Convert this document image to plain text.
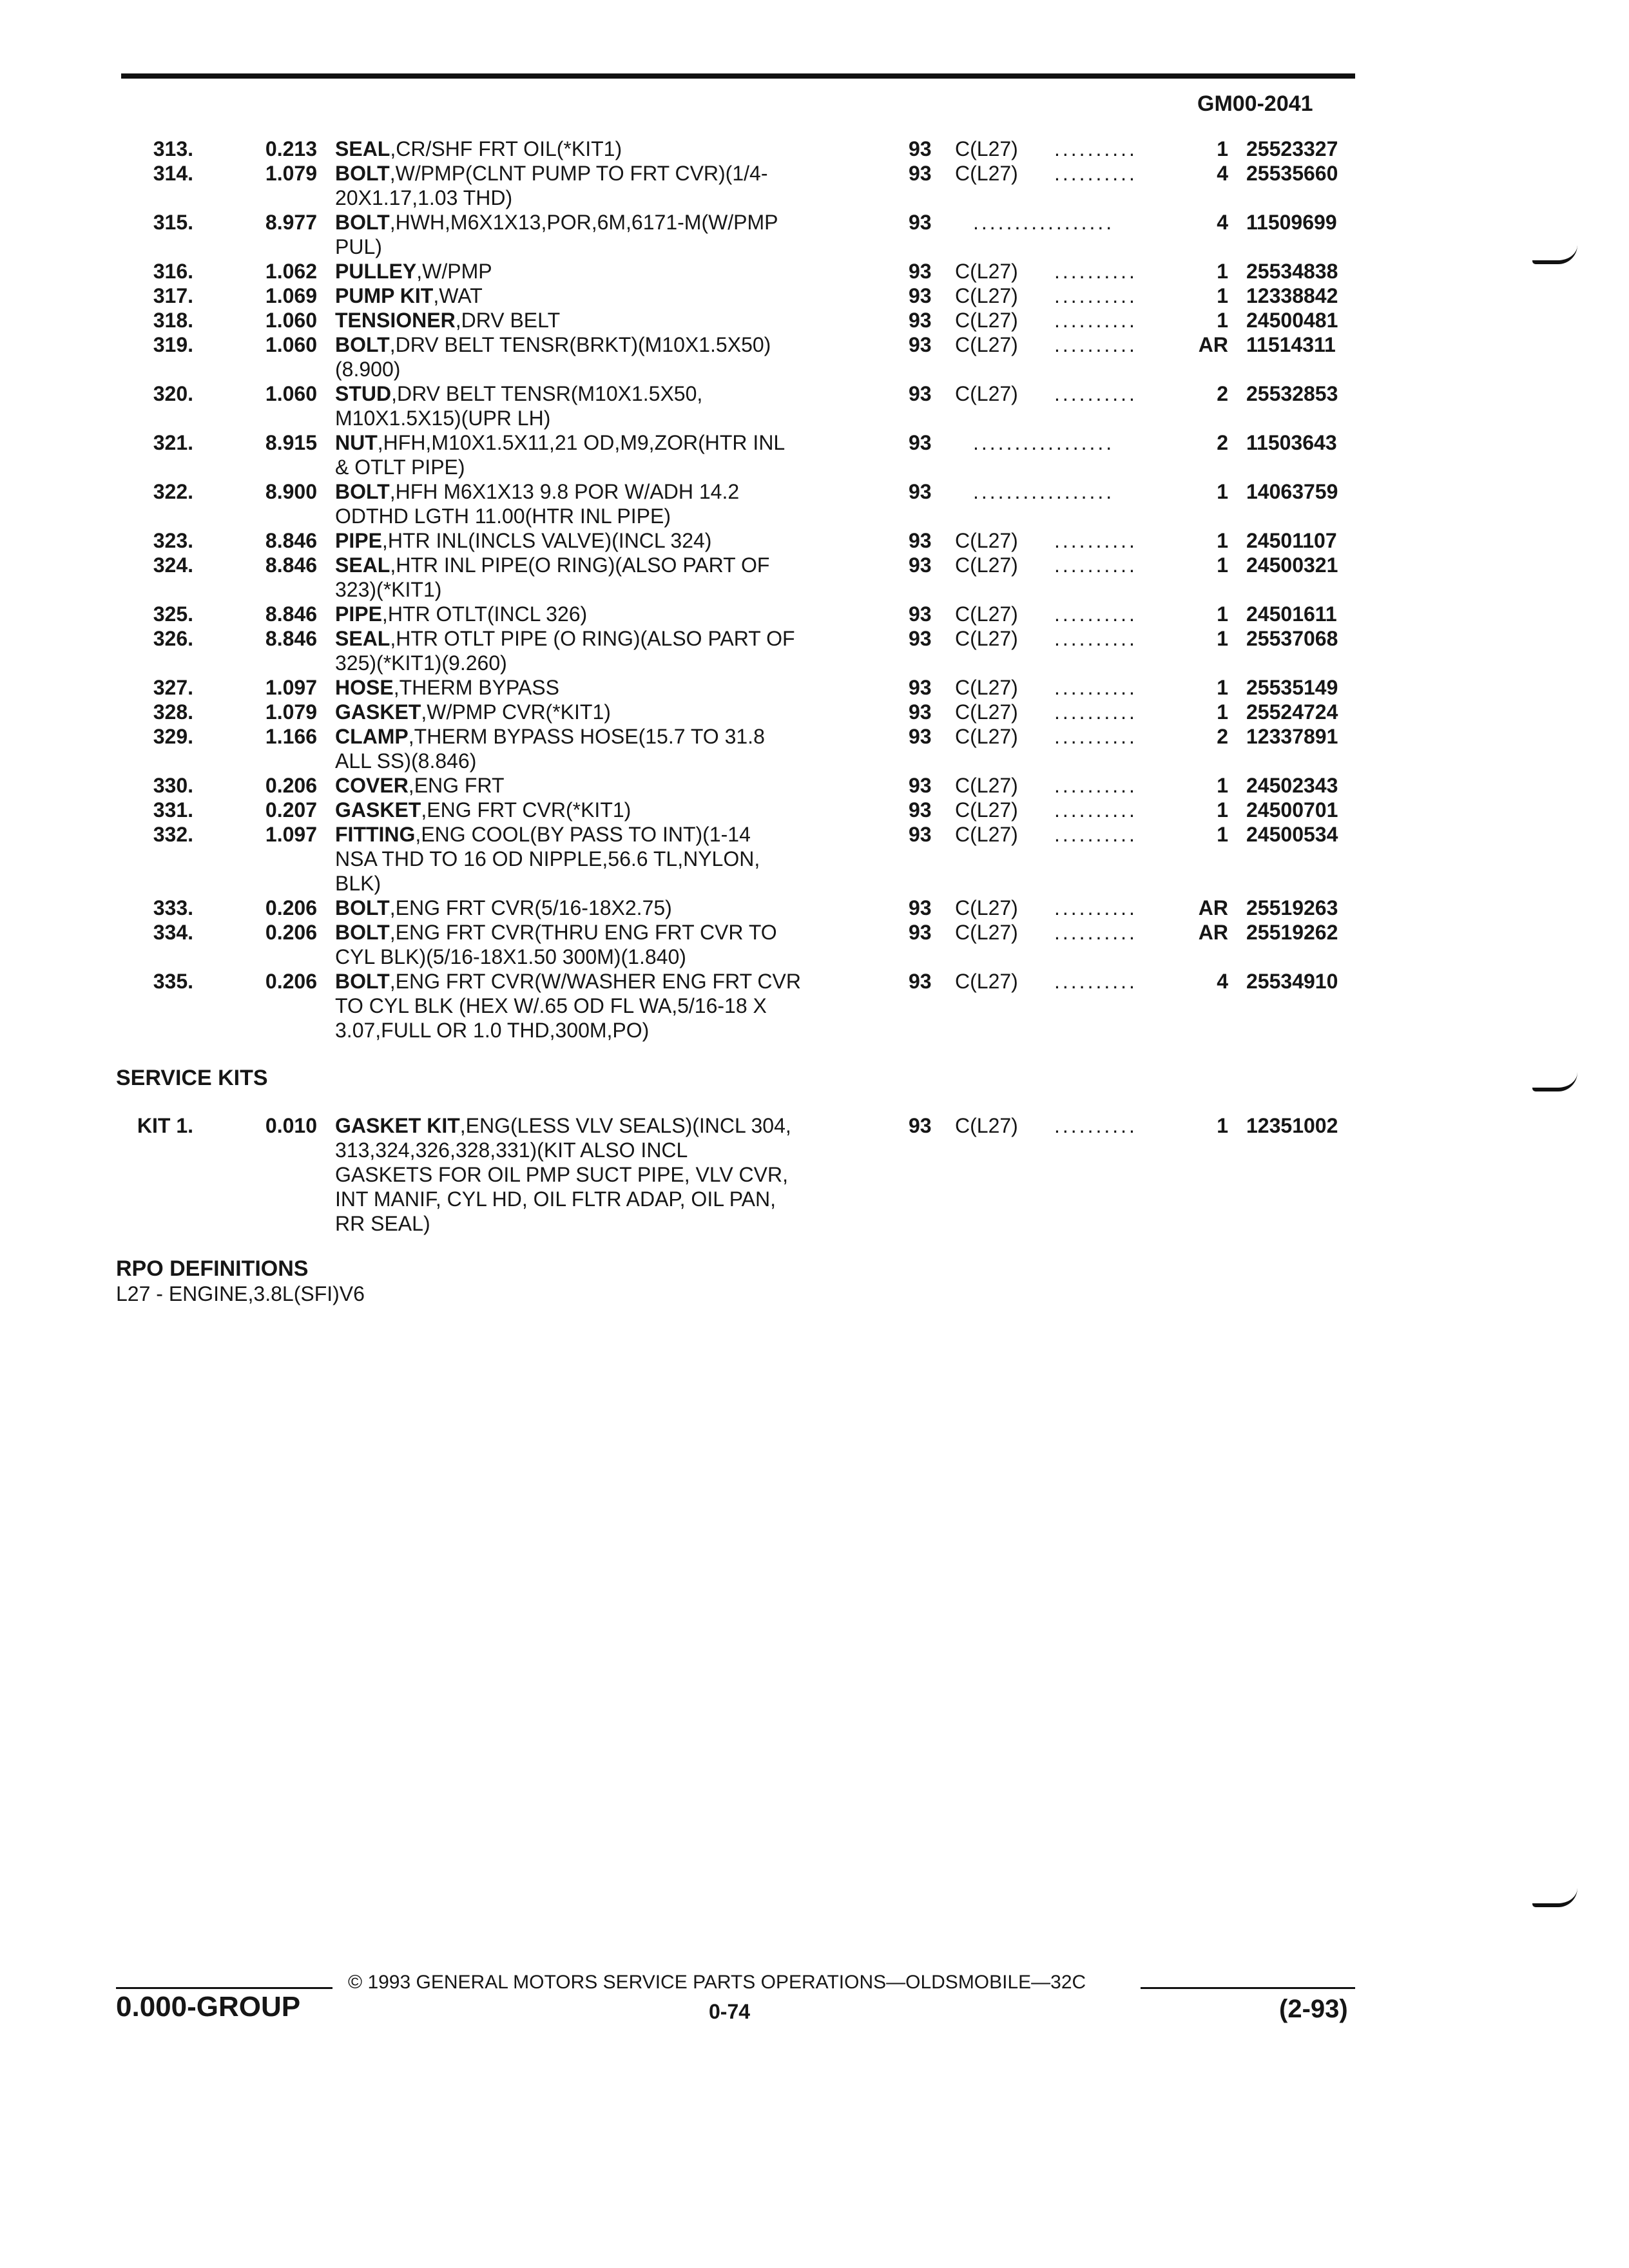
GM00-2041
313.	0.213 SEAL,CR/SHF FRT OIL(*KIT1)	93 C(L27) ..........	1 25523327
314.	1.079 BOLT,W/PMP(CLNT PUMP TO FRT CVR)(1/4-
20X1.17,1.03 THD)
93 C(L27) ..........	4 25535660
315.	8.977 BOLT,HWH,M6X1X13,POR,6M,6171-M(W/PMP
PUL)
93 .................	4 11509699
316.	1.062 PULLEY,W/PMP	93 C(L27) ..........	1 25534838
317.	1.069 PUMP KIT,WAT	93 C(L27) ..........	1 12338842
318.	1.060 TENSIONER,DRV BELT	93 C(L27) ..........	1 24500481
319.	1.060 BOLT,DRV BELT TENSR(BRKT)(M10X1.5X50)
(8.900)
93 C(L27) ..........	AR 11514311
320.	1.060 STUD,DRV BELT TENSR(M10X1.5X50,
M10X1.5X15)(UPR LH)
93 C(L27) ..........	2 25532853
321.	8.915 NUT,HFH,M10X1.5X11,21 OD,M9,ZOR(HTR INL
& OTLT PIPE)
93 .................	2 11503643
322.	8.900 BOLT,HFH M6X1X13 9.8 POR W/ADH 14.2
ODTHD LGTH 11.00(HTR INL PIPE)
93 .................	1 14063759
323.	8.846 PIPE,HTR INL(INCLS VALVE)(INCL 324)	93 C(L27) ..........	1 24501107
324.	8.846 SEAL,HTR INL PIPE(O RING)(ALSO PART OF
323)(*KIT1)
93 C(L27) ..........	1 24500321
325.	8.846 PIPE,HTR OTLT(INCL 326)	93 C(L27) ..........	1 24501611
326.	8.846 SEAL,HTR OTLT PIPE (O RING)(ALSO PART OF
325)(*KIT1)(9.260)
93 C(L27) ..........	1 25537068
327.	1.097 HOSE,THERM BYPASS	93 C(L27) ..........	1 25535149
328.	1.079 GASKET,W/PMP CVR(*KIT1)	93 C(L27) ..........	1 25524724
329.	1.166 CLAMP,THERM BYPASS HOSE(15.7 TO 31.8
ALL SS)(8.846)
93 C(L27) ..........	2 12337891
330.	0.206 COVER,ENG FRT	93 C(L27) ..........	1 24502343
331.	0.207 GASKET,ENG FRT CVR(*KIT1)	93 C(L27) ..........	1 24500701
332.	1.097 FITTING,ENG COOL(BY PASS TO INT)(1-14
NSA THD TO 16 OD NIPPLE,56.6 TL,NYLON,
BLK)
93 C(L27) ..........	1 24500534
333.	0.206 BOLT,ENG FRT CVR(5/16-18X2.75)	93 C(L27) ..........	AR 25519263
334.	0.206 BOLT,ENG FRT CVR(THRU ENG FRT CVR TO
CYL BLK)(5/16-18X1.50 300M)(1.840)
93 C(L27) ..........	AR 25519262
335.	0.206 BOLT,ENG FRT CVR(W/WASHER ENG FRT CVR
TO CYL BLK (HEX W/.65 OD FL WA,5/16-18 X
3.07,FULL OR 1.0 THD,300M,PO)
93 C(L27) ..........	4 25534910
SERVICE KITS
KIT 1.	0.010 GASKET KIT,ENG(LESS VLV SEALS)(INCL 304,
313,324,326,328,331)(KIT ALSO INCL
GASKETS FOR OIL PMP SUCT PIPE, VLV CVR,
INT MANIF, CYL HD, OIL FLTR ADAP, OIL PAN,
RR SEAL)
93 C(L27) ..........	1 12351002
RPO DEFINITIONS
L27 - ENGINE,3.8L(SFI)V6
© 1993 GENERAL MOTORS SERVICE PARTS OPERATIONS—OLDSMOBILE—32C
0.000-GROUP	0-74	(2-93)
